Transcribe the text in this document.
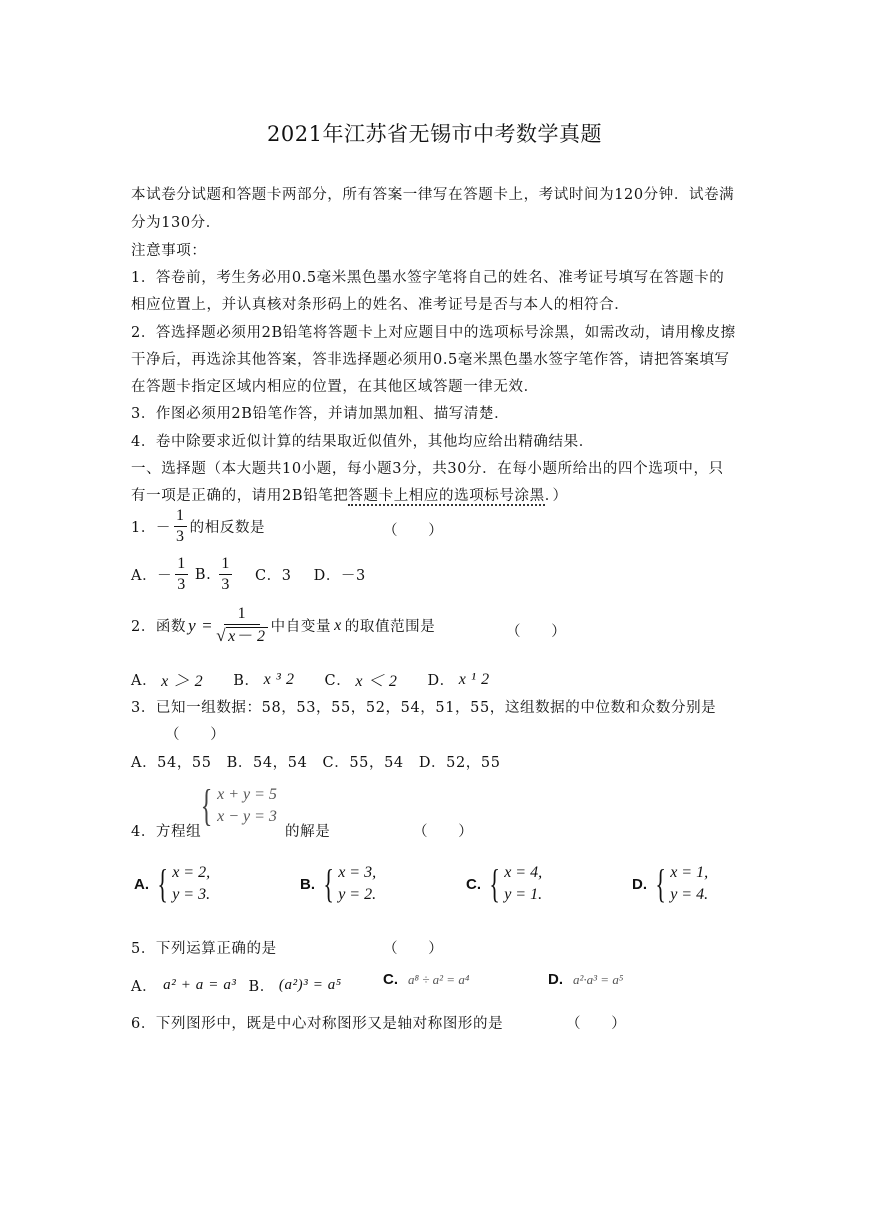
2021年江苏省无锡市中考数学真题
本试卷分试题和答题卡两部分，所有答案一律写在答题卡上，考试时间为120分钟．试卷满
分为130分．
注意事项：
1．答卷前，考生务必用0.5毫米黑色墨水签字笔将自己的姓名、准考证号填写在答题卡的
相应位置上，并认真核对条形码上的姓名、准考证号是否与本人的相符合．
2．答选择题必须用2B铅笔将答题卡上对应题目中的选项标号涂黑，如需改动，请用橡皮擦
干净后，再选涂其他答案，答非选择题必须用0.5毫米黑色墨水签字笔作答，请把答案填写
在答题卡指定区域内相应的位置，在其他区域答题一律无效．
3．作图必须用2B铅笔作答，并请加黑加粗、描写清楚．
4．卷中除要求近似计算的结果取近似值外，其他均应给出精确结果．
一、选择题（本大题共10小题，每小题3分，共30分．在每小题所给出的四个选项中，只
有一项是正确的，请用2B铅笔把答题卡上相应的选项标号涂黑．）
1．－ $\frac{1}{3}$ 的相反数是	（　　）
A．－ $\frac{1}{3} B$. $\frac{1}{3}$ C．3 D．－3
2．函数 $y = \frac{1}{√ x- 2}$ 中自变量 x 的取值范围是	（　　）
A． x ＞ 2 B． x ³ 2 C． x ＜ 2 D． x ¹ 2
3．已知一组数据：58，53，55，52，54，51，55，这组数据的中位数和众数分别是
（　　）
A．54，55　B．54，54　C．55，54　D．52，55
{ x + y = 5
x − y = 3
4．方程组	的解是	（　　）
A. { x = 2,
y = 3.
B. { x = 3,
y = 2.
C. { x = 4,
y = 1.
D. { x = 1,
y = 4.
5．下列运算正确的是	（　　）
A． a² + a = a³ B． (a²)³ = a⁵	C. a⁸ ÷ a² = a⁴	D. a²·a³ = a⁵
6．下列图形中，既是中心对称图形又是轴对称图形的是	（　　）
